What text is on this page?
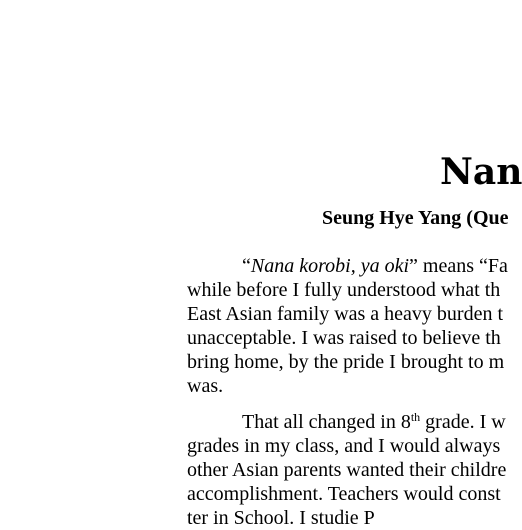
Nan
Seung Hye Yang (Que
“Nana korobi, ya oki” means “Fa
while before I fully understood what th
East Asian family was a heavy burden t
unacceptable. I was raised to believe th
bring home, by the pride I brought to m
was.
That all changed in 8th grade. I w
grades in my class, and I would always
other Asian parents wanted their childre
accomplishment. Teachers would const
ter in School. I studie P
